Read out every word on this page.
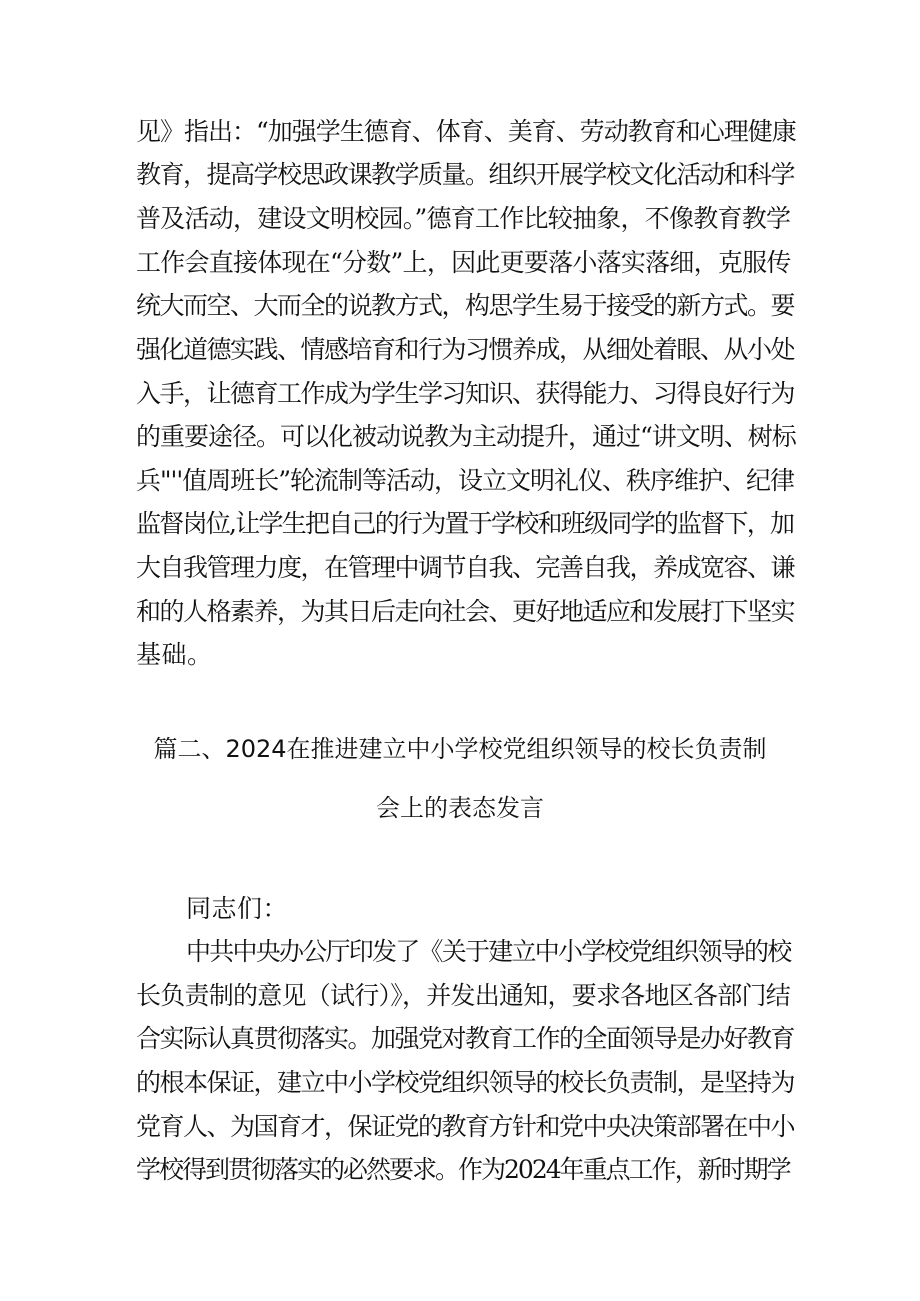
见》指出：“加强学生德育、体育、美育、劳动教育和心理健康
教育，提高学校思政课教学质量。组织开展学校文化活动和科学
普及活动，建设文明校园。”德育工作比较抽象，不像教育教学
工作会直接体现在“分数”上，因此更要落小落实落细，克服传
统大而空、大而全的说教方式，构思学生易于接受的新方式。要
强化道德实践、情感培育和行为习惯养成，从细处着眼、从小处
入手，让德育工作成为学生学习知识、获得能力、习得良好行为
的重要途径。可以化被动说教为主动提升，通过“讲文明、树标
兵"''值周班长”轮流制等活动，设立文明礼仪、秩序维护、纪律
监督岗位,让学生把自己的行为置于学校和班级同学的监督下，加
大自我管理力度，在管理中调节自我、完善自我，养成宽容、谦
和的人格素养，为其日后走向社会、更好地适应和发展打下坚实
基础。
篇二、2024在推进建立中小学校党组织领导的校长负责制
会上的表态发言
同志们：
中共中央办公厅印发了《关于建立中小学校党组织领导的校
长负责制的意见（试行）》，并发出通知，要求各地区各部门结
合实际认真贯彻落实。加强党对教育工作的全面领导是办好教育
的根本保证，建立中小学校党组织领导的校长负责制，是坚持为
党育人、为国育才，保证党的教育方针和党中央决策部署在中小
学校得到贯彻落实的必然要求。作为2024年重点工作，新时期学
